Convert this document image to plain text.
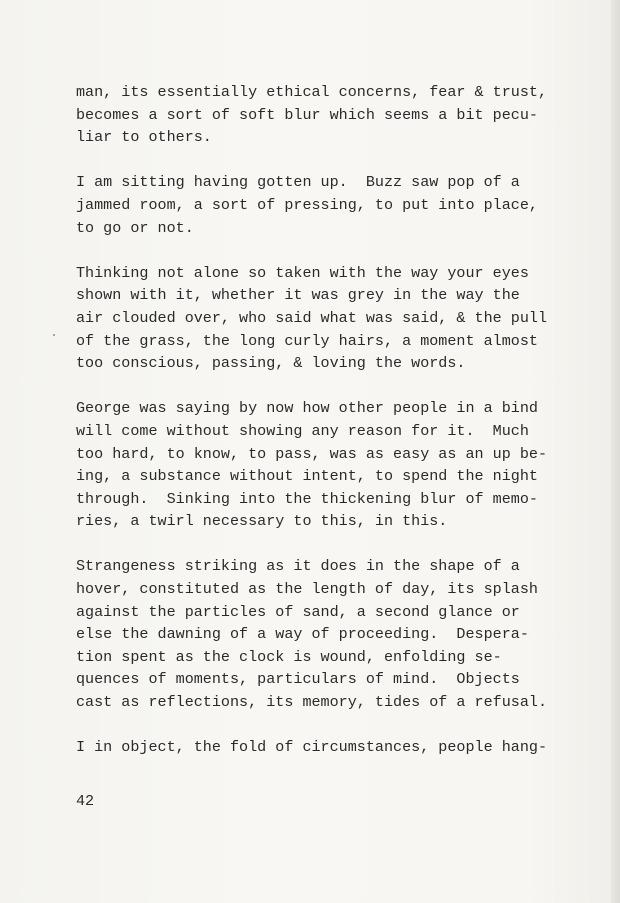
man, its essentially ethical concerns, fear & trust,
becomes a sort of soft blur which seems a bit pecu-
liar to others.
I am sitting having gotten up.  Buzz saw pop of a
jammed room, a sort of pressing, to put into place,
to go or not.
Thinking not alone so taken with the way your eyes
shown with it, whether it was grey in the way the
air clouded over, who said what was said, & the pull
of the grass, the long curly hairs, a moment almost
too conscious, passing, & loving the words.
George was saying by now how other people in a bind
will come without showing any reason for it.  Much
too hard, to know, to pass, was as easy as an up be-
ing, a substance without intent, to spend the night
through.  Sinking into the thickening blur of memo-
ries, a twirl necessary to this, in this.
Strangeness striking as it does in the shape of a
hover, constituted as the length of day, its splash
against the particles of sand, a second glance or
else the dawning of a way of proceeding.  Despera-
tion spent as the clock is wound, enfolding se-
quences of moments, particulars of mind.  Objects
cast as reflections, its memory, tides of a refusal.
I in object, the fold of circumstances, people hang-
42
